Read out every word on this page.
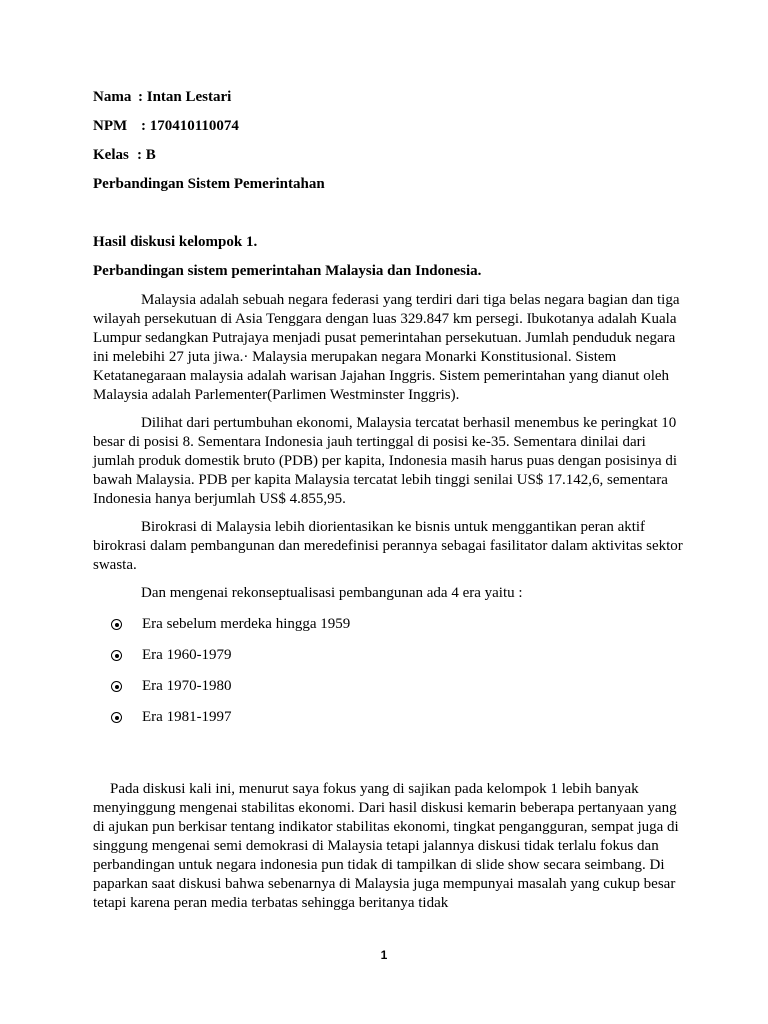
Nama : Intan Lestari
NPM : 170410110074
Kelas : B
Perbandingan Sistem Pemerintahan
Hasil diskusi kelompok 1.
Perbandingan sistem pemerintahan Malaysia dan Indonesia.

Malaysia adalah sebuah negara federasi yang terdiri dari tiga belas negara bagian dan tiga wilayah persekutuan di Asia Tenggara dengan luas 329.847 km persegi. Ibukotanya adalah Kuala Lumpur sedangkan Putrajaya menjadi pusat pemerintahan persekutuan. Jumlah penduduk negara ini melebihi 27 juta jiwa.· Malaysia merupakan negara Monarki Konstitusional. Sistem Ketatanegaraan malaysia adalah warisan Jajahan Inggris. Sistem pemerintahan yang dianut oleh Malaysia adalah Parlementer(Parlimen Westminster Inggris).

Dilihat dari pertumbuhan ekonomi, Malaysia tercatat berhasil menembus ke peringkat 10 besar di posisi 8. Sementara Indonesia jauh tertinggal di posisi ke-35. Sementara dinilai dari jumlah produk domestik bruto (PDB) per kapita, Indonesia masih harus puas dengan posisinya di bawah Malaysia. PDB per kapita Malaysia tercatat lebih tinggi senilai US$ 17.142,6, sementara Indonesia hanya berjumlah US$ 4.855,95.

Birokrasi di Malaysia lebih diorientasikan ke bisnis untuk menggantikan peran aktif birokrasi dalam pembangunan dan meredefinisi perannya sebagai fasilitator dalam aktivitas sektor swasta.

Dan mengenai rekonseptualisasi pembangunan ada 4 era yaitu :

Era sebelum merdeka hingga 1959
Era 1960-1979
Era 1970-1980
Era 1981-1997

Pada diskusi kali ini, menurut saya fokus yang di sajikan pada kelompok 1 lebih banyak menyinggung mengenai stabilitas ekonomi. Dari hasil diskusi kemarin beberapa pertanyaan yang di ajukan pun berkisar tentang indikator stabilitas ekonomi, tingkat pengangguran, sempat juga di singgung mengenai semi demokrasi di Malaysia tetapi jalannya diskusi tidak terlalu fokus dan perbandingan untuk negara indonesia pun tidak di tampilkan di slide show secara seimbang. Di paparkan saat diskusi bahwa sebenarnya di Malaysia juga mempunyai masalah yang cukup besar tetapi karena peran media terbatas sehingga beritanya tidak

1
